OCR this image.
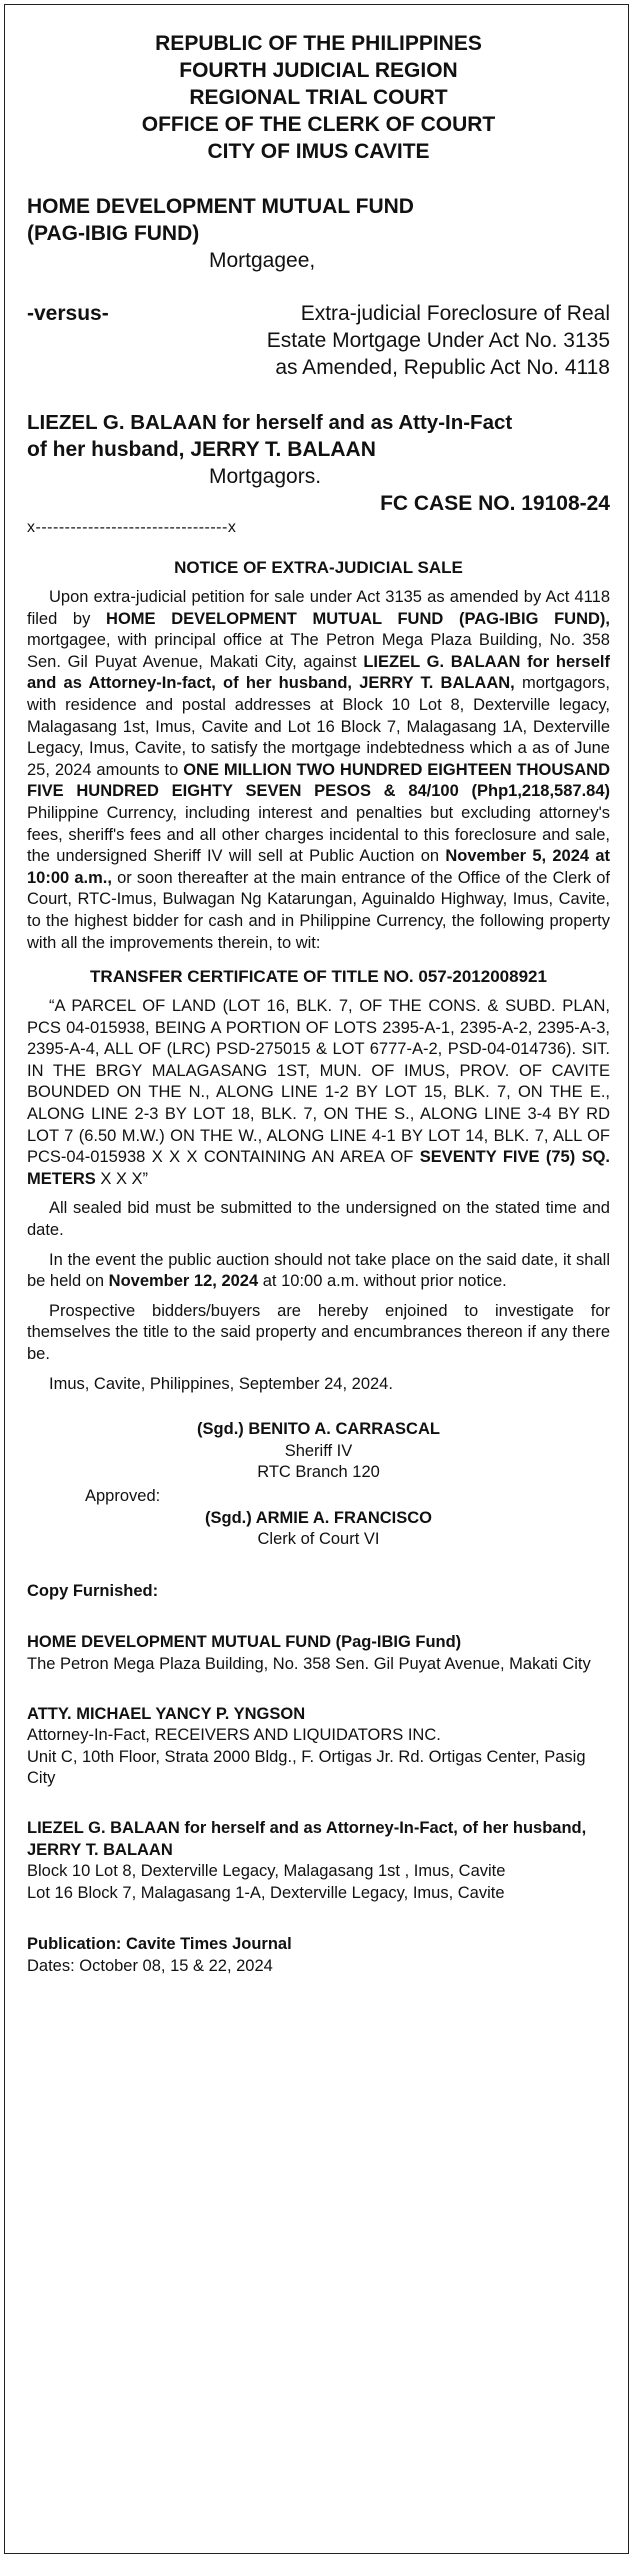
REPUBLIC OF THE PHILIPPINES
FOURTH JUDICIAL REGION
REGIONAL TRIAL COURT
OFFICE OF THE CLERK OF COURT
CITY OF IMUS CAVITE
HOME DEVELOPMENT MUTUAL FUND
(PAG-IBIG FUND)
Mortgagee,
-versus-	Extra-judicial Foreclosure of Real
Estate Mortgage Under Act No. 3135
as Amended, Republic Act No. 4118
LIEZEL G. BALAAN for herself and as Atty-In-Fact
of her husband, JERRY T. BALAAN
Mortgagors.
FC CASE NO. 19108-24
x---------------------------------x
NOTICE OF EXTRA-JUDICIAL SALE

Upon extra-judicial petition for sale under Act 3135 as amended by Act 4118 filed by HOME DEVELOPMENT MUTUAL FUND (PAG-IBIG FUND), mortgagee, with principal office at The Petron Mega Plaza Building, No. 358 Sen. Gil Puyat Avenue, Makati City, against LIEZEL G. BALAAN for herself and as Attorney-In-fact, of her husband, JERRY T. BALAAN, mortgagors, with residence and postal addresses at Block 10 Lot 8, Dexterville legacy, Malagasang 1st, Imus, Cavite and Lot 16 Block 7, Malagasang 1A, Dexterville Legacy, Imus, Cavite, to satisfy the mortgage indebtedness which a as of June 25, 2024 amounts to ONE MILLION TWO HUNDRED EIGHTEEN THOUSAND FIVE HUNDRED EIGHTY SEVEN PESOS & 84/100 (Php1,218,587.84) Philippine Currency, including interest and penalties but excluding attorney's fees, sheriff's fees and all other charges incidental to this foreclosure and sale, the undersigned Sheriff IV will sell at Public Auction on November 5, 2024 at 10:00 a.m., or soon thereafter at the main entrance of the Office of the Clerk of Court, RTC-Imus, Bulwagan Ng Katarungan, Aguinaldo Highway, Imus, Cavite, to the highest bidder for cash and in Philippine Currency, the following property with all the improvements therein, to wit:

TRANSFER CERTIFICATE OF TITLE NO. 057-2012008921

“A PARCEL OF LAND (LOT 16, BLK. 7, OF THE CONS. & SUBD. PLAN, PCS 04-015938, BEING A PORTION OF LOTS 2395-A-1, 2395-A-2, 2395-A-3, 2395-A-4, ALL OF (LRC) PSD-275015 & LOT 6777-A-2, PSD-04-014736). SIT. IN THE BRGY MALAGASANG 1ST, MUN. OF IMUS, PROV. OF CAVITE BOUNDED ON THE N., ALONG LINE 1-2 BY LOT 15, BLK. 7, ON THE E., ALONG LINE 2-3 BY LOT 18, BLK. 7, ON THE S., ALONG LINE 3-4 BY RD LOT 7 (6.50 M.W.) ON THE W., ALONG LINE 4-1 BY LOT 14, BLK. 7, ALL OF PCS-04-015938 X X X CONTAINING AN AREA OF SEVENTY FIVE (75) SQ. METERS X X X”

All sealed bid must be submitted to the undersigned on the stated time and date.

In the event the public auction should not take place on the said date, it shall be held on November 12, 2024 at 10:00 a.m. without prior notice.

Prospective bidders/buyers are hereby enjoined to investigate for themselves the title to the said property and encumbrances thereon if any there be.

Imus, Cavite, Philippines, September 24, 2024.

(Sgd.) BENITO A. CARRASCAL
Sheriff IV
RTC Branch 120
Approved:
(Sgd.) ARMIE A. FRANCISCO
Clerk of Court VI
Copy Furnished:
HOME DEVELOPMENT MUTUAL FUND (Pag-IBIG Fund)
The Petron Mega Plaza Building, No. 358 Sen. Gil Puyat Avenue, Makati City
ATTY. MICHAEL YANCY P. YNGSON
Attorney-In-Fact, RECEIVERS AND LIQUIDATORS INC.
Unit C, 10th Floor, Strata 2000 Bldg., F. Ortigas Jr. Rd. Ortigas Center, Pasig City
LIEZEL G. BALAAN for herself and as Attorney-In-Fact, of her husband, JERRY T. BALAAN
Block 10 Lot 8, Dexterville Legacy, Malagasang 1st , Imus, Cavite
Lot 16 Block 7, Malagasang 1-A, Dexterville Legacy, Imus, Cavite
Publication: Cavite Times Journal
Dates: October 08, 15 & 22, 2024
